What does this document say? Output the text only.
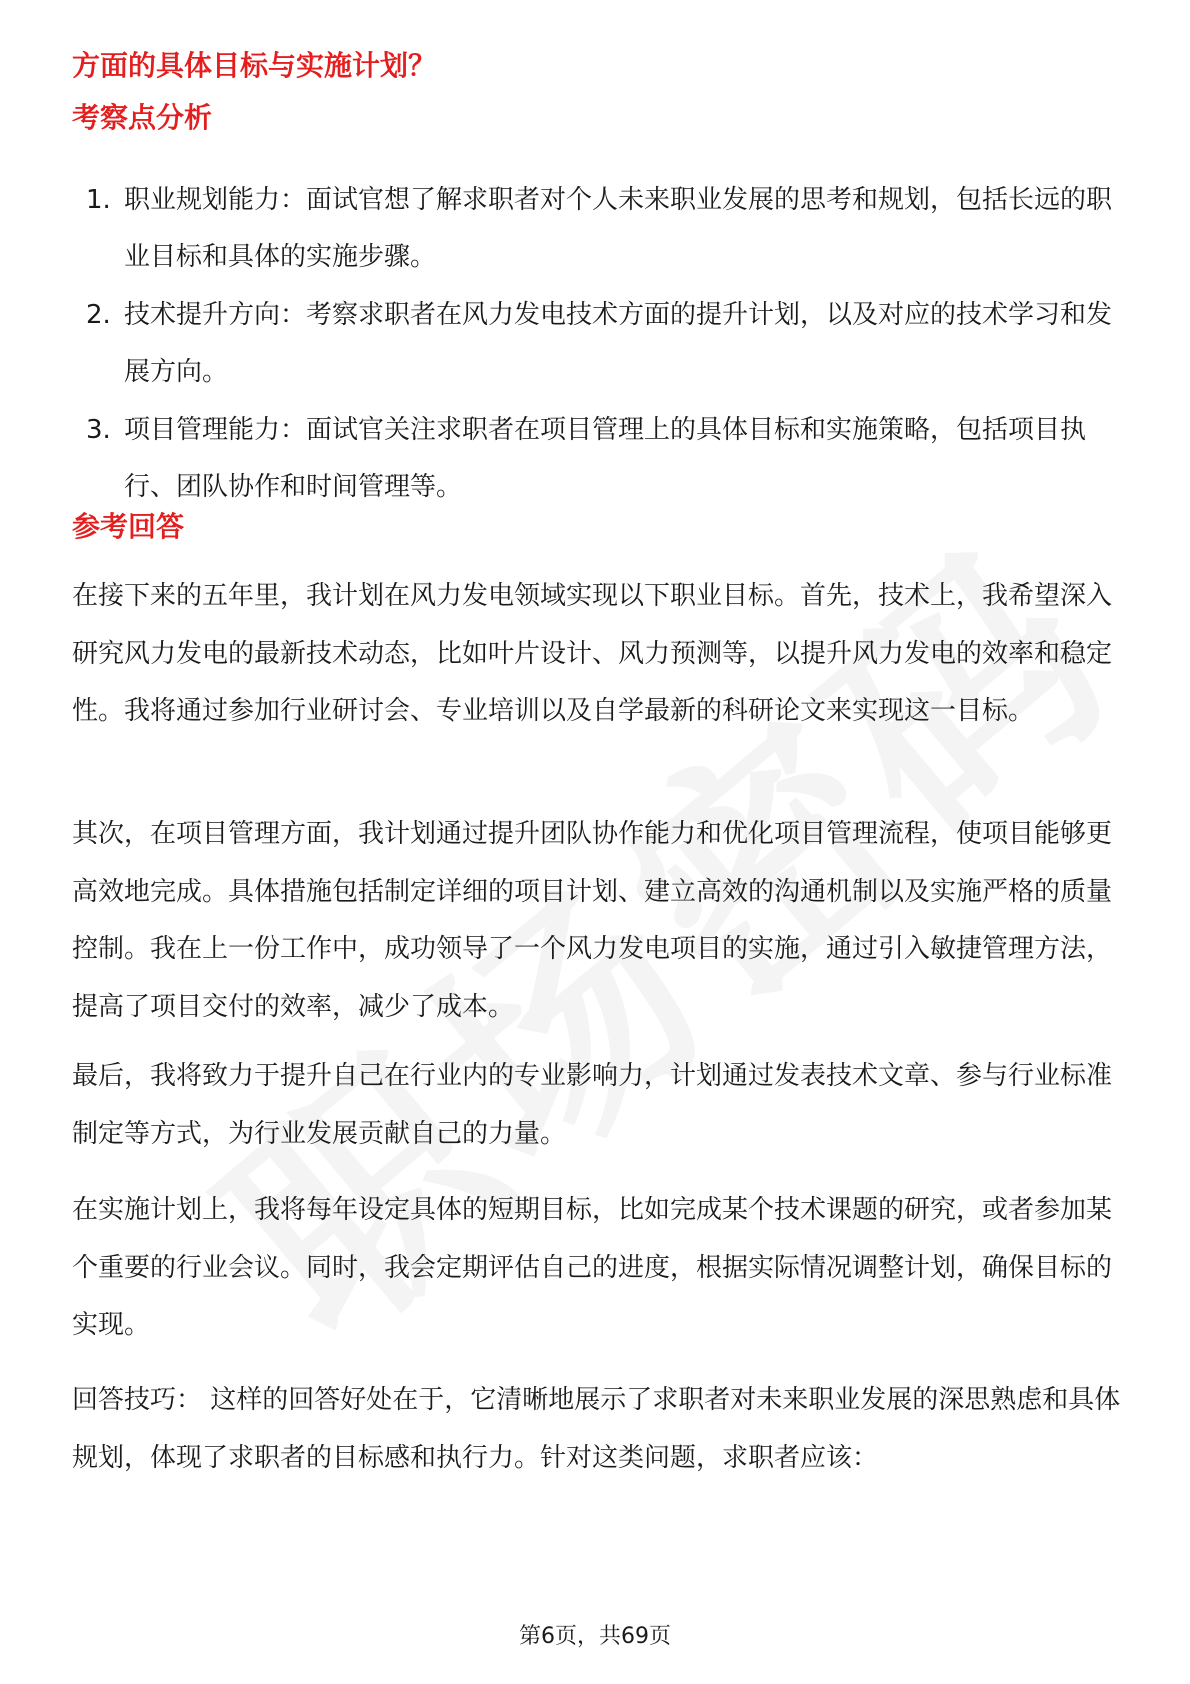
方面的具体目标与实施计划？
考察点分析
1. 职业规划能力：面试官想了解求职者对个人未来职业发展的思考和规划，包括长远的职业目标和具体的实施步骤。
2. 技术提升方向：考察求职者在风力发电技术方面的提升计划，以及对应的技术学习和发展方向。
3. 项目管理能力：面试官关注求职者在项目管理上的具体目标和实施策略，包括项目执行、团队协作和时间管理等。
参考回答

在接下来的五年里，我计划在风力发电领域实现以下职业目标。首先，技术上，我希望深入研究风力发电的最新技术动态，比如叶片设计、风力预测等，以提升风力发电的效率和稳定性。我将通过参加行业研讨会、专业培训以及自学最新的科研论文来实现这一目标。

其次，在项目管理方面，我计划通过提升团队协作能力和优化项目管理流程，使项目能够更高效地完成。具体措施包括制定详细的项目计划、建立高效的沟通机制以及实施严格的质量控制。我在上一份工作中，成功领导了一个风力发电项目的实施，通过引入敏捷管理方法，提高了项目交付的效率，减少了成本。

最后，我将致力于提升自己在行业内的专业影响力，计划通过发表技术文章、参与行业标准制定等方式，为行业发展贡献自己的力量。

在实施计划上，我将每年设定具体的短期目标，比如完成某个技术课题的研究，或者参加某个重要的行业会议。同时，我会定期评估自己的进度，根据实际情况调整计划，确保目标的实现。

回答技巧： 这样的回答好处在于，它清晰地展示了求职者对未来职业发展的深思熟虑和具体规划，体现了求职者的目标感和执行力。针对这类问题，求职者应该：

第6页，共69页
